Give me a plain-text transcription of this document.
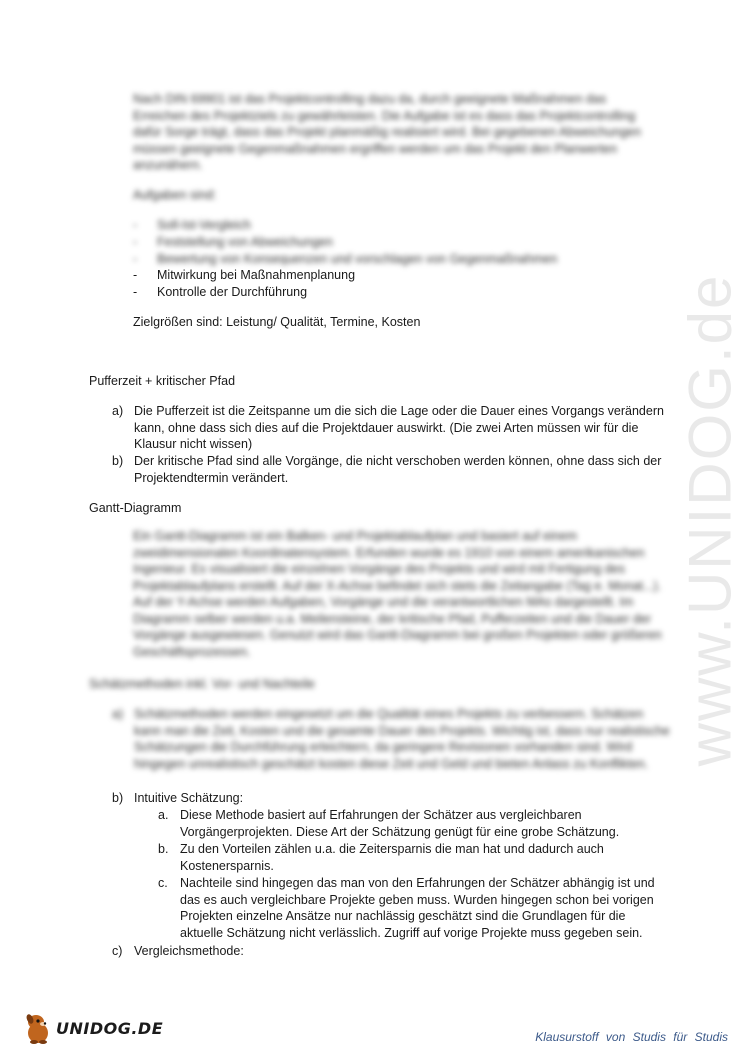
www.UNIDOG.de
Nach DIN 69901 ist das Projektcontrolling dazu da, durch geeignete Maßnahmen das Erreichen des Projektziels zu gewährleisten. Die Aufgabe ist es dass das Projektcontrolling dafür Sorge trägt, dass das Projekt planmäßig realisiert wird. Bei gegebenen Abweichungen müssen geeignete Gegenmaßnahmen ergriffen werden um das Projekt den Planwerten anzunähern.
Aufgaben sind:
- Soll-Ist-Vergleich
- Feststellung von Abweichungen
- Bewertung von Konsequenzen und vorschlagen von Gegenmaßnahmen
- Mitwirkung bei Maßnahmenplanung
- Kontrolle der Durchführung
Zielgrößen sind: Leistung/ Qualität, Termine, Kosten
Pufferzeit + kritischer Pfad
a) Die Pufferzeit ist die Zeitspanne um die sich die Lage oder die Dauer eines Vorgangs verändern kann, ohne dass sich dies auf die Projektdauer auswirkt. (Die zwei Arten müssen wir für die Klausur nicht wissen)
b) Der kritische Pfad sind alle Vorgänge, die nicht verschoben werden können, ohne dass sich der Projektendtermin verändert.
Gantt-Diagramm
Ein Gantt-Diagramm ist ein Balken- und Projektablaufplan und basiert auf einem zweidimensionalen Koordinatensystem. Erfunden wurde es 1910 von einem amerikanischen Ingenieur. Es visualisiert die einzelnen Vorgänge des Projekts und wird mit Fertigung des Projektablaufplans erstellt. Auf der X-Achse befindet sich stets die Zeitangabe (Tag e. Monat...). Auf der Y-Achse werden Aufgaben, Vorgänge und die verantwortlichen MAs dargestellt. Im Diagramm selber werden u.a. Meilensteine, der kritische Pfad, Pufferzeiten und die Dauer der Vorgänge ausgewiesen. Genutzt wird das Gantt-Diagramm bei großen Projekten oder größeren Geschäftsprozessen.
Schätzmethoden inkl. Vor- und Nachteile
a) Schätzmethoden werden eingesetzt um die Qualität eines Projekts zu verbessern. Schätzen kann man die Zeit, Kosten und die gesamte Dauer des Projekts. Wichtig ist, dass nur realistische Schätzungen die Durchführung erleichtern, da geringere Revisionen vorhanden sind. Wird hingegen unrealistisch geschätzt kosten diese Zeit und Geld und bieten Anlass zu Konflikten.
b) Intuitive Schätzung:
a. Diese Methode basiert auf Erfahrungen der Schätzer aus vergleichbaren Vorgängerprojekten. Diese Art der Schätzung genügt für eine grobe Schätzung.
b. Zu den Vorteilen zählen u.a. die Zeitersparnis die man hat und dadurch auch Kostenersparnis.
c. Nachteile sind hingegen das man von den Erfahrungen der Schätzer abhängig ist und das es auch vergleichbare Projekte geben muss. Wurden hingegen schon bei vorigen Projekten einzelne Ansätze nur nachlässig geschätzt sind die Grundlagen für die aktuelle Schätzung nicht verlässlich. Zugriff auf vorige Projekte muss gegeben sein.
c) Vergleichsmethode:
UNIDOG.DE	Klausurstoff von Studis für Studis
